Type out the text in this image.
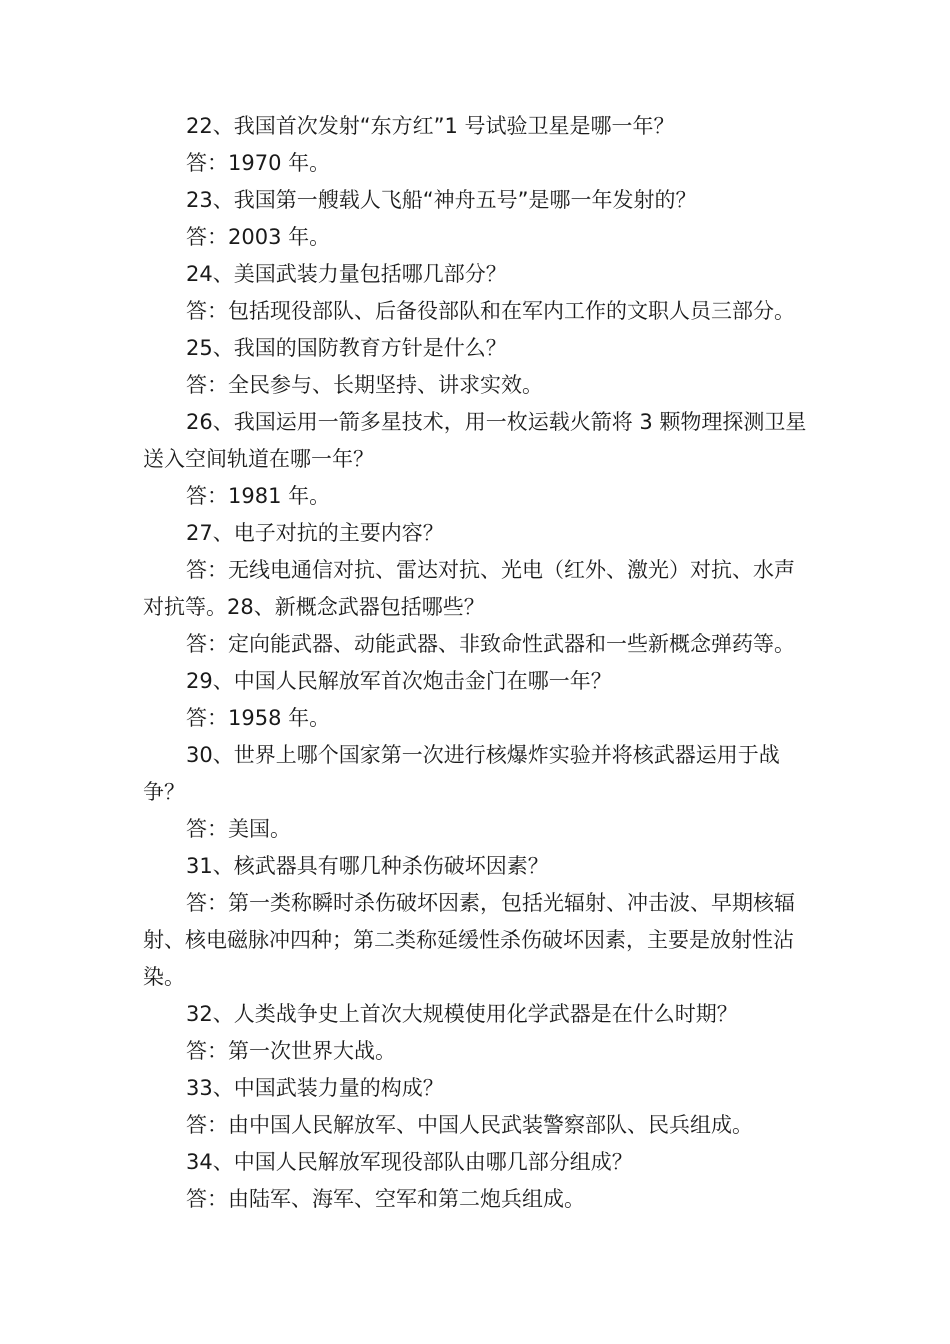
22、我国首次发射“东方红”1 号试验卫星是哪一年？

答：1970 年。

23、我国第一艘载人飞船“神舟五号”是哪一年发射的？

答：2003 年。

24、美国武装力量包括哪几部分？

答：包括现役部队、后备役部队和在军内工作的文职人员三部分。

25、我国的国防教育方针是什么？

答：全民参与、长期坚持、讲求实效。

26、我国运用一箭多星技术，用一枚运载火箭将 3 颗物理探测卫星送入空间轨道在哪一年？

答：1981 年。

27、电子对抗的主要内容？

答：无线电通信对抗、雷达对抗、光电（红外、激光）对抗、水声对抗等。28、新概念武器包括哪些？

答：定向能武器、动能武器、非致命性武器和一些新概念弹药等。

29、中国人民解放军首次炮击金门在哪一年？

答：1958 年。

30、世界上哪个国家第一次进行核爆炸实验并将核武器运用于战争？

答：美国。

31、核武器具有哪几种杀伤破坏因素？

答：第一类称瞬时杀伤破坏因素，包括光辐射、冲击波、早期核辐射、核电磁脉冲四种；第二类称延缓性杀伤破坏因素，主要是放射性沾染。

32、人类战争史上首次大规模使用化学武器是在什么时期？

答：第一次世界大战。

33、中国武装力量的构成？

答：由中国人民解放军、中国人民武装警察部队、民兵组成。

34、中国人民解放军现役部队由哪几部分组成？

答：由陆军、海军、空军和第二炮兵组成。
